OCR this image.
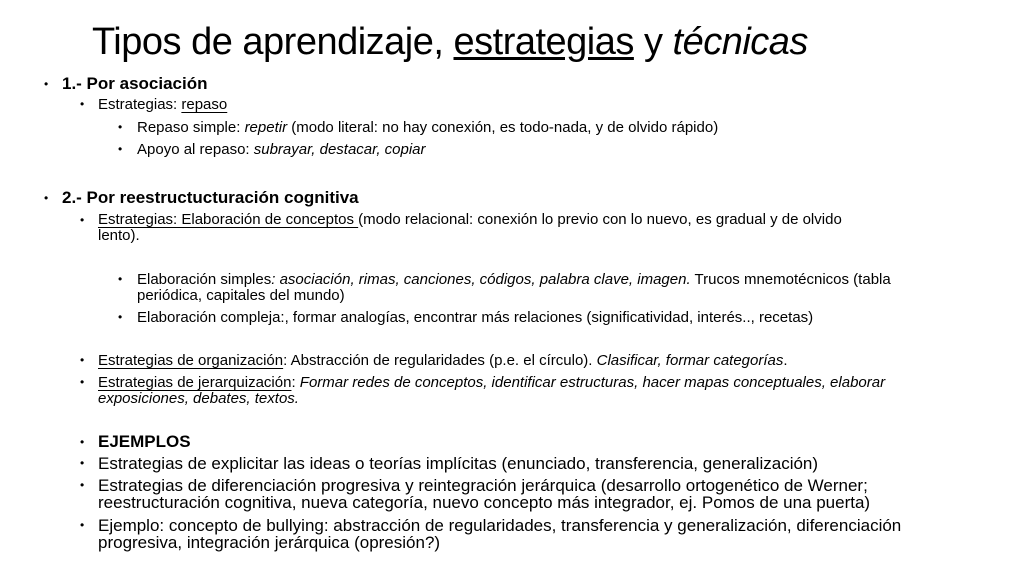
Tipos de aprendizaje, estrategias y técnicas
• 1.- Por asociación
• Estrategias: repaso
• Repaso simple: repetir (modo literal: no hay conexión, es todo-nada, y de olvido rápido)
• Apoyo al repaso: subrayar, destacar, copiar
• 2.- Por reestructucturación cognitiva
• Estrategias: Elaboración de conceptos (modo relacional: conexión lo previo con lo nuevo, es gradual y de olvido
lento).
• Elaboración simples: asociación, rimas, canciones, códigos, palabra clave, imagen. Trucos mnemotécnicos (tabla
periódica, capitales del mundo)
• Elaboración compleja:, formar analogías, encontrar más relaciones (significatividad, interés.., recetas)
• Estrategias de organización: Abstracción de regularidades (p.e. el círculo). Clasificar, formar categorías.
• Estrategias de jerarquización: Formar redes de conceptos, identificar estructuras, hacer mapas conceptuales, elaborar
exposiciones, debates, textos.
• EJEMPLOS
• Estrategias de explicitar las ideas o teorías implícitas (enunciado, transferencia, generalización)
• Estrategias de diferenciación progresiva y reintegración jerárquica (desarrollo ortogenético de Werner;
reestructuración cognitiva, nueva categoría, nuevo concepto más integrador, ej. Pomos de una puerta)
• Ejemplo: concepto de bullying: abstracción de regularidades, transferencia y generalización, diferenciación
progresiva, integración jerárquica (opresión?)
